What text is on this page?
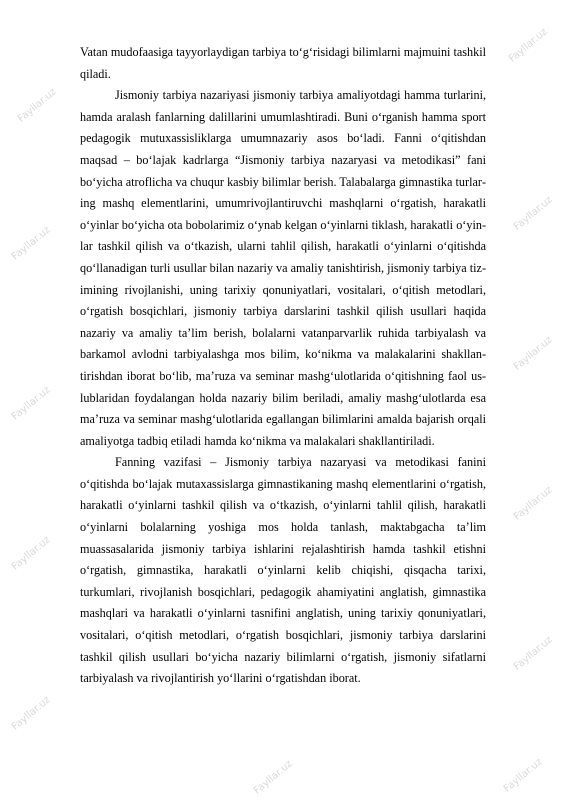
Fayllar.uz
Fayllar.uz
Fayllar.uz
Fayllar.uz
Fayllar.uz
Fayllar.uz
Fayllar.uz
Fayllar.uz
Fayllar.uz
Fayllar.uz
Fayllar.uz	Fayllar.uz

Vatan mudofaasiga tayyorlaydigan tarbiya to‘g‘risidagi bilimlarni majmuini tashkil qiladi.

Jismoniy tarbiya nazariyasi jismoniy tarbiya amaliyotdagi hamma turlarini, hamda aralash fanlarning dalillarini umumlashtiradi. Buni o‘rganish hamma sport pedagogik mutuxassisliklarga umumnazariy asos bo‘ladi. Fanni o‘qitishdan maqsad – bo‘lajak kadrlarga “Jismoniy tarbiya nazaryasi va metodikasi” fani bo‘yicha atroflicha va chuqur kasbiy bilimlar berish. Talabalarga gimnastika turlaring mashq elementlarini, umumrivojlantiruvchi mashqlarni o‘rgatish, harakatli o‘yinlar bo‘yicha ota bobolarimiz o‘ynab kelgan o‘yinlarni tiklash, harakatli o‘yinlar tashkil qilish va o‘tkazish, ularni tahlil qilish, harakatli o‘yinlarni o‘qitishda qo‘llanadigan turli usullar bilan nazariy va amaliy tanishtirish, jismoniy tarbiya tizimining rivojlanishi, uning tarixiy qonuniyatlari, vositalari, o‘qitish metodlari, o‘rgatish bosqichlari, jismoniy tarbiya darslarini tashkil qilish usullari haqida nazariy va amaliy ta’lim berish, bolalarni vatanparvarlik ruhida tarbiyalash va barkamol avlodni tarbiyalashga mos bilim, ko‘nikma va malakalarini shakllantirishdan iborat bo‘lib, ma’ruza va seminar mashg‘ulotlarida o‘qitishning faol uslublaridan foydalangan holda nazariy bilim beriladi, amaliy mashg‘ulotlarda esa ma’ruza va seminar mashg‘ulotlarida egallangan bilimlarini amalda bajarish orqali amaliyotga tadbiq etiladi hamda ko‘nikma va malakalari shakllantiriladi.

Fanning vazifasi – Jismoniy tarbiya nazaryasi va metodikasi fanini o‘qitishda bo‘lajak mutaxassislarga gimnastikaning mashq elementlarini o‘rgatish, harakatli o‘yinlarni tashkil qilish va o‘tkazish, o‘yinlarni tahlil qilish, harakatli o‘yinlarni bolalarning yoshiga mos holda tanlash, maktabgacha ta’lim muassasalarida jismoniy tarbiya ishlarini rejalashtirish hamda tashkil etishni o‘rgatish, gimnastika, harakatli o‘yinlarni kelib chiqishi, qisqacha tarixi, turkumlari, rivojlanish bosqichlari, pedagogik ahamiyatini anglatish, gimnastika mashqlari va harakatli o‘yinlarni tasnifini anglatish, uning tarixiy qonuniyatlari, vositalari, o‘qitish metodlari, o‘rgatish bosqichlari, jismoniy tarbiya darslarini tashkil qilish usullari bo‘yicha nazariy bilimlarni o‘rgatish, jismoniy sifatlarni tarbiyalash va rivojlantirish yo‘llarini o‘rgatishdan iborat.
